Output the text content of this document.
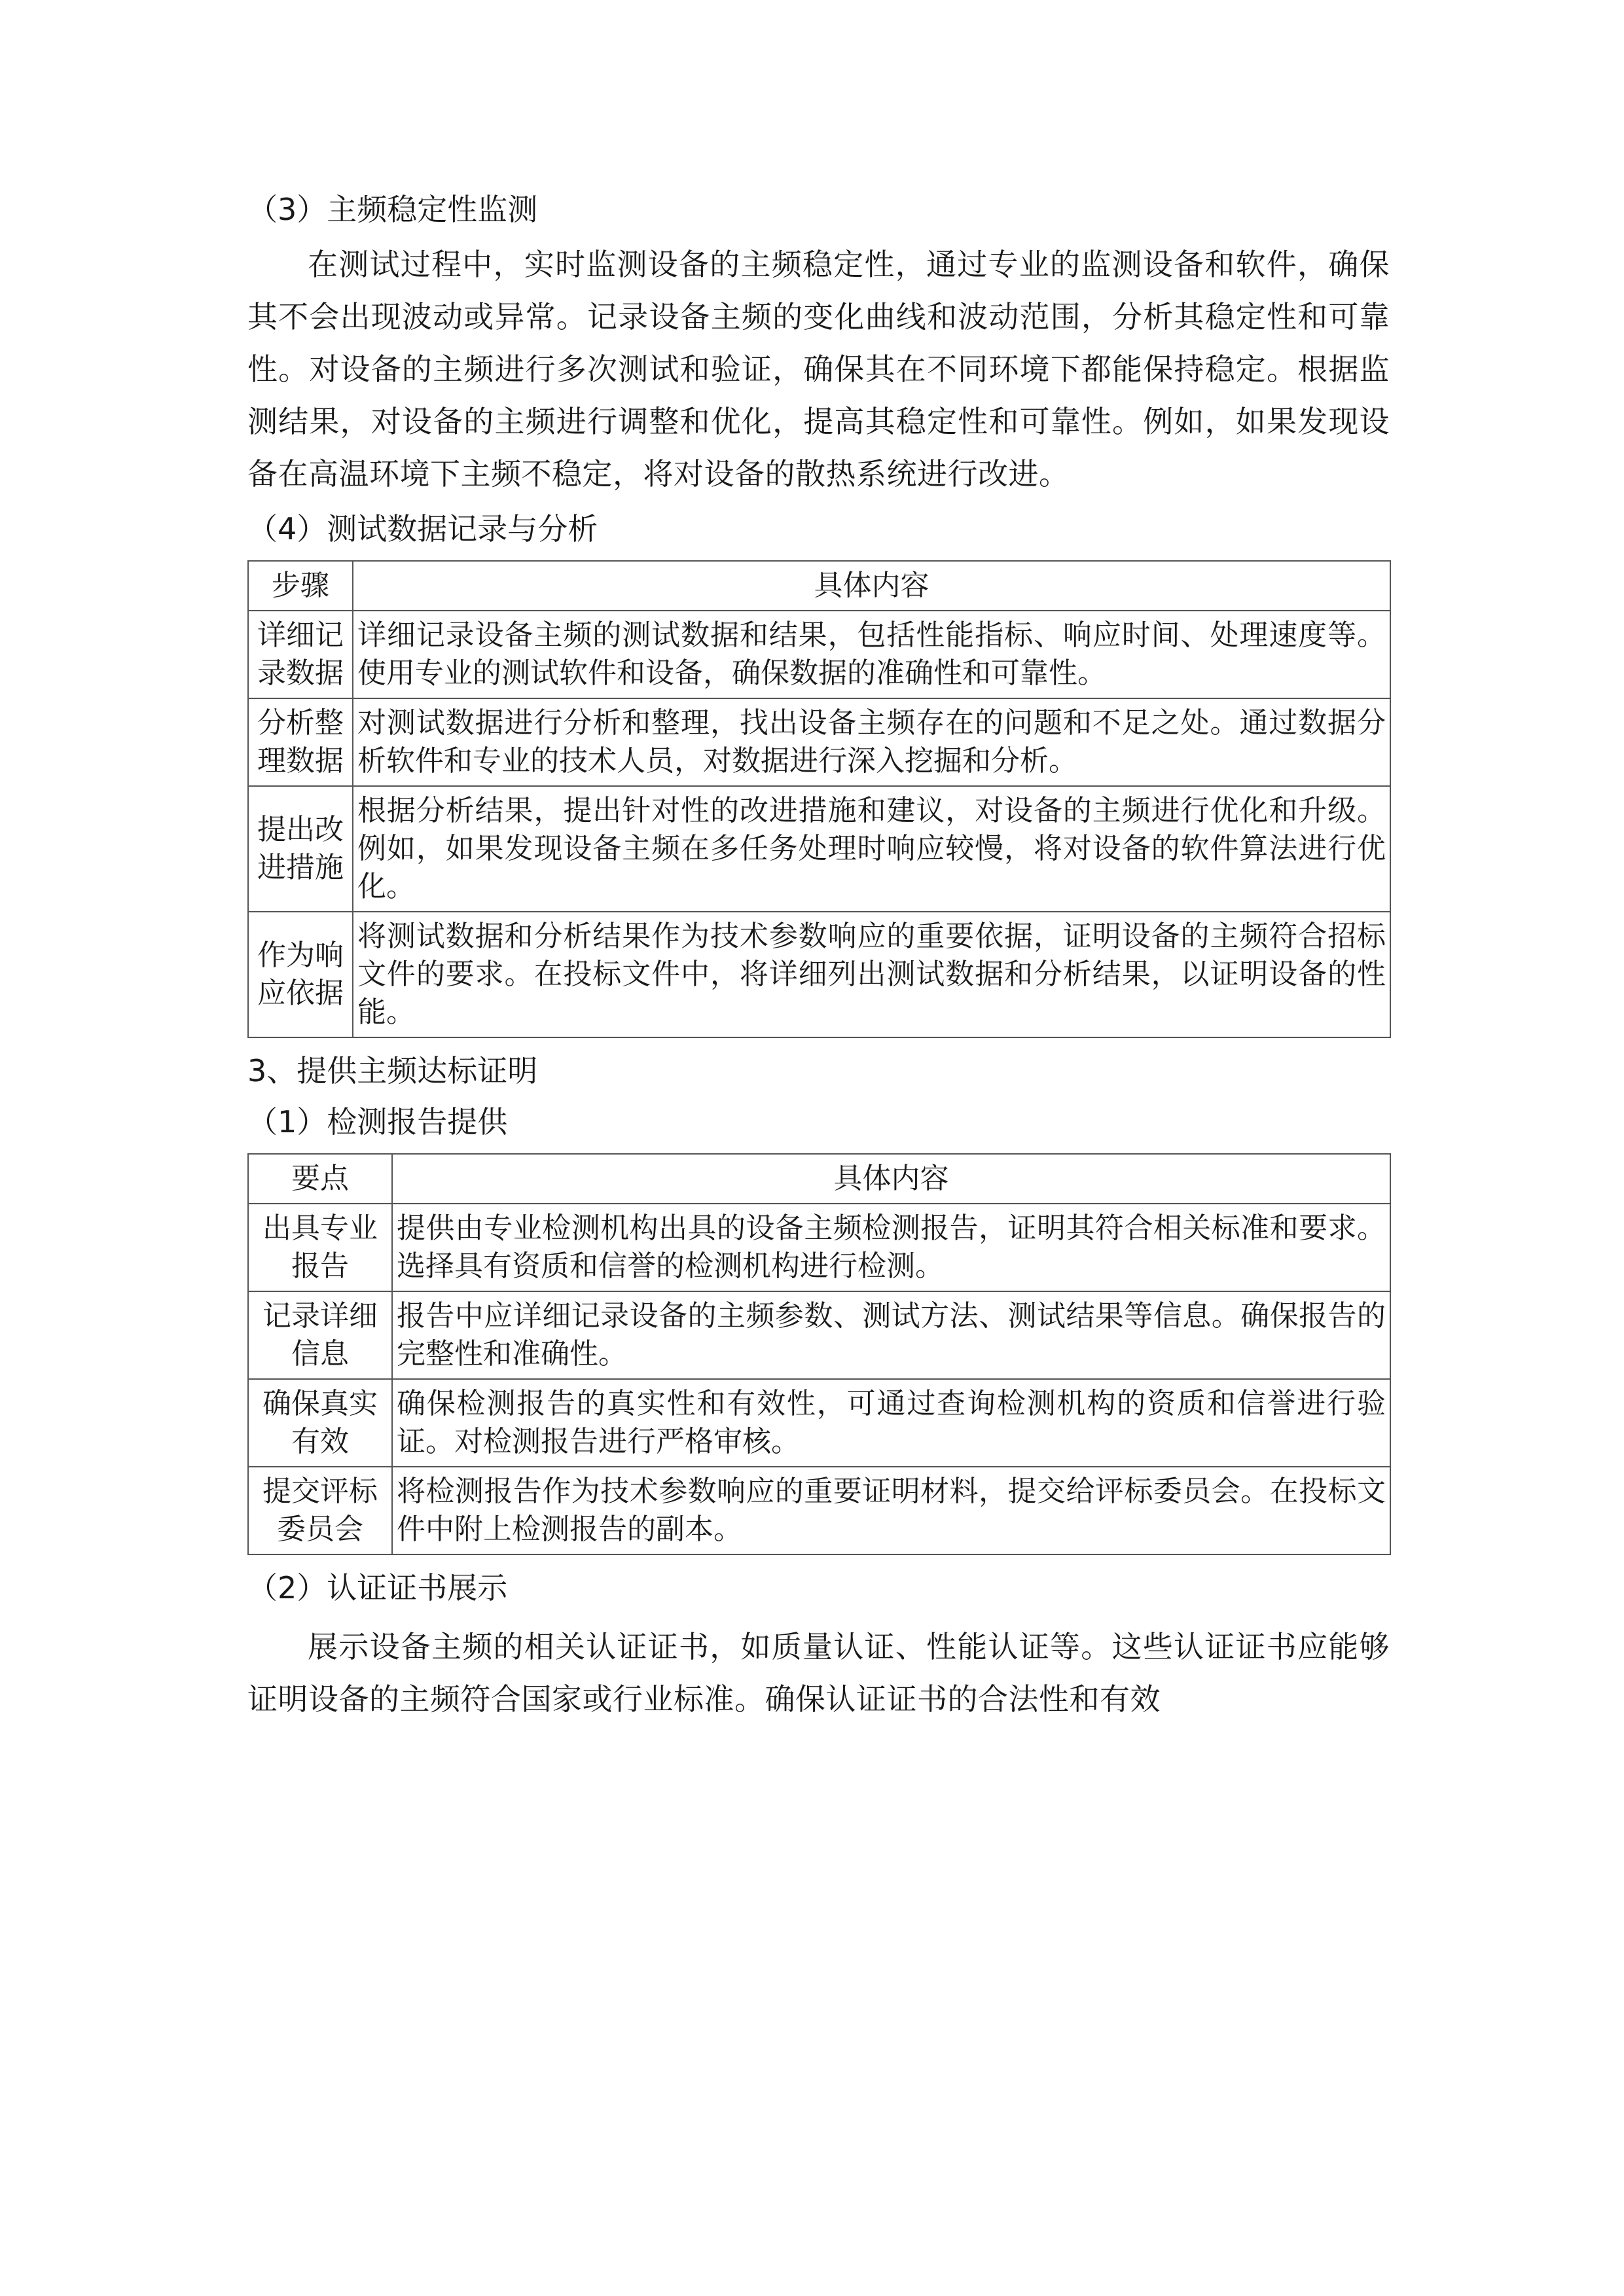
（3）主频稳定性监测

在测试过程中，实时监测设备的主频稳定性，通过专业的监测设备和软件，确保其不会出现波动或异常。记录设备主频的变化曲线和波动范围，分析其稳定性和可靠性。对设备的主频进行多次测试和验证，确保其在不同环境下都能保持稳定。根据监测结果，对设备的主频进行调整和优化，提高其稳定性和可靠性。例如，如果发现设备在高温环境下主频不稳定，将对设备的散热系统进行改进。

（4）测试数据记录与分析

步骤	具体内容
详细记录数据	详细记录设备主频的测试数据和结果，包括性能指标、响应时间、处理速度等。使用专业的测试软件和设备，确保数据的准确性和可靠性。
分析整理数据	对测试数据进行分析和整理，找出设备主频存在的问题和不足之处。通过数据分析软件和专业的技术人员，对数据进行深入挖掘和分析。
提出改进措施	根据分析结果，提出针对性的改进措施和建议，对设备的主频进行优化和升级。例如，如果发现设备主频在多任务处理时响应较慢，将对设备的软件算法进行优化。
作为响应依据	将测试数据和分析结果作为技术参数响应的重要依据，证明设备的主频符合招标文件的要求。在投标文件中，将详细列出测试数据和分析结果，以证明设备的性能。

3、提供主频达标证明

（1）检测报告提供

要点	具体内容
出具专业报告	提供由专业检测机构出具的设备主频检测报告，证明其符合相关标准和要求。选择具有资质和信誉的检测机构进行检测。
记录详细信息	报告中应详细记录设备的主频参数、测试方法、测试结果等信息。确保报告的完整性和准确性。
确保真实有效	确保检测报告的真实性和有效性，可通过查询检测机构的资质和信誉进行验证。对检测报告进行严格审核。
提交评标委员会	将检测报告作为技术参数响应的重要证明材料，提交给评标委员会。在投标文件中附上检测报告的副本。

（2）认证证书展示

展示设备主频的相关认证证书，如质量认证、性能认证等。这些认证证书应能够证明设备的主频符合国家或行业标准。确保认证证书的合法性和有效
